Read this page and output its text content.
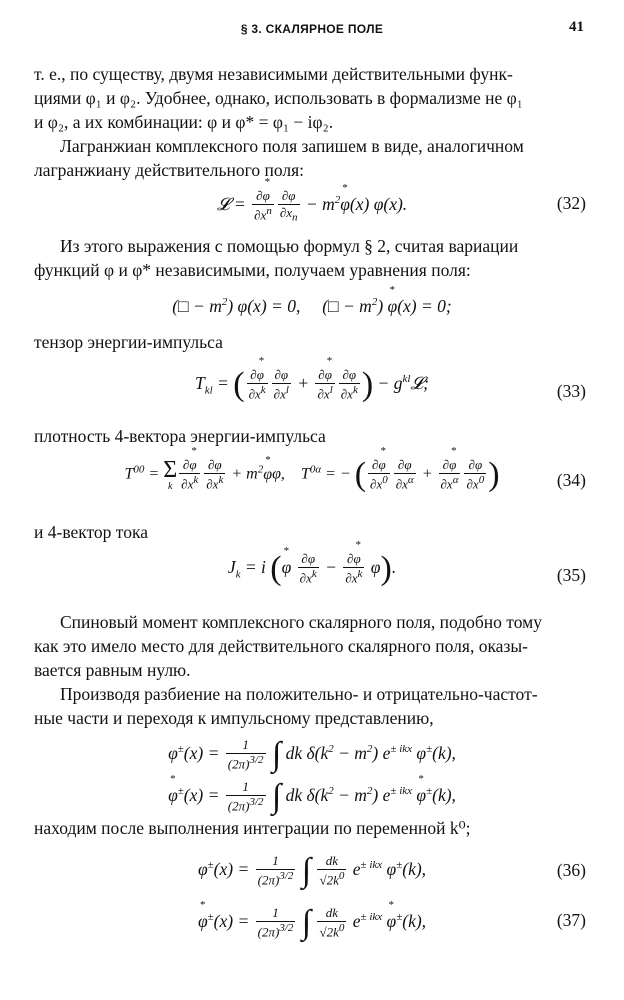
§ 3. СКАЛЯРНОЕ ПОЛЕ	41
т. е., по существу, двумя независимыми действительными функ-
циями φ₁ и φ₂. Удобнее, однако, использовать в формализме не φ₁
и φ₂, а их комбинации: φ и φ* = φ₁ − iφ₂.
Лагранжиан комплексного поля запишем в виде, аналогичном
лагранжиану действительного поля:
𝓛 = $\frac{\partial* \varphi}{\partial x^n} \frac{\partial\varphi}{\partial x_n} - m^2*$ φ(x) φ(x).	(32)
Из этого выражения с помощью формул § 2, считая вариации
функций φ и φ* независимыми, получаем уравнения поля:
(□ − $m^2$) φ(x) = 0,     (□ − $m^2) * \varphi(x) = 0$;
тензор энергии-импульса
$T_{kl}$ = ( $\frac{\partial* \varphi}{\partial x^k} \frac{\partial\varphi}{\partial x^l} + \frac{\partial* \varphi}{\partial x^l} \frac{\partial\varphi}{\partial x^k}$ ) − $g^{kl}𝓛$;	(33)
плотность 4-вектора энергии-импульса
$T^{00} = \Sigma$
k $\frac{\partial* \varphi}{\partial x^k} \frac{\partial\varphi}{\partial x^k} + m^2*$ φφ,    $T^{0\alpha}$ = − ( $\frac{\partial* \varphi}{\partial x^0} \frac{\partial\varphi}{\partial x^\alpha} + \frac{\partial* \varphi}{\partial x^\alpha} \frac{\partial\varphi}{\partial x^0}$ )	(34)
и 4-вектор тока
$J_k = i$ (* φ $\frac{\partial\varphi}{\partial x^k} - \frac{\partial* \varphi}{\partial x^k} \varphi$).	(35)
Спиновый момент комплексного скалярного поля, подобно тому
как это имело место для действительного скалярного поля, оказы-
вается равным нулю.
Производя разбиение на положительно- и отрицательно-частот-
ные части и переходя к импульсному представлению,
$\varphi^\pm(x) = \frac{1}{(2\pi)^{3/2}}$ ∫ dk $\delta(k^2 - m^2)$ $e^{\pm ikx}$ φ±(k),
* $\varphi^\pm(x) = \frac{1}{(2\pi)^{3/2}}$ ∫ dk $\delta(k^2 - m^2)$ $e^{\pm ikx} * \varphi^\pm(k)$,
находим после выполнения интеграции по переменной k⁰;
$\varphi^\pm(x) = \frac{1}{(2\pi)^{3/2}}$ ∫ $\frac{dk}{√2k^0} e^{\pm ikx}$ φ±(k),	(36)
* $\varphi^\pm(x) = \frac{1}{(2\pi)^{3/2}}$ ∫ $\frac{dk}{√2k^0} e^{\pm ikx} * \varphi^\pm(k)$,	(37)
